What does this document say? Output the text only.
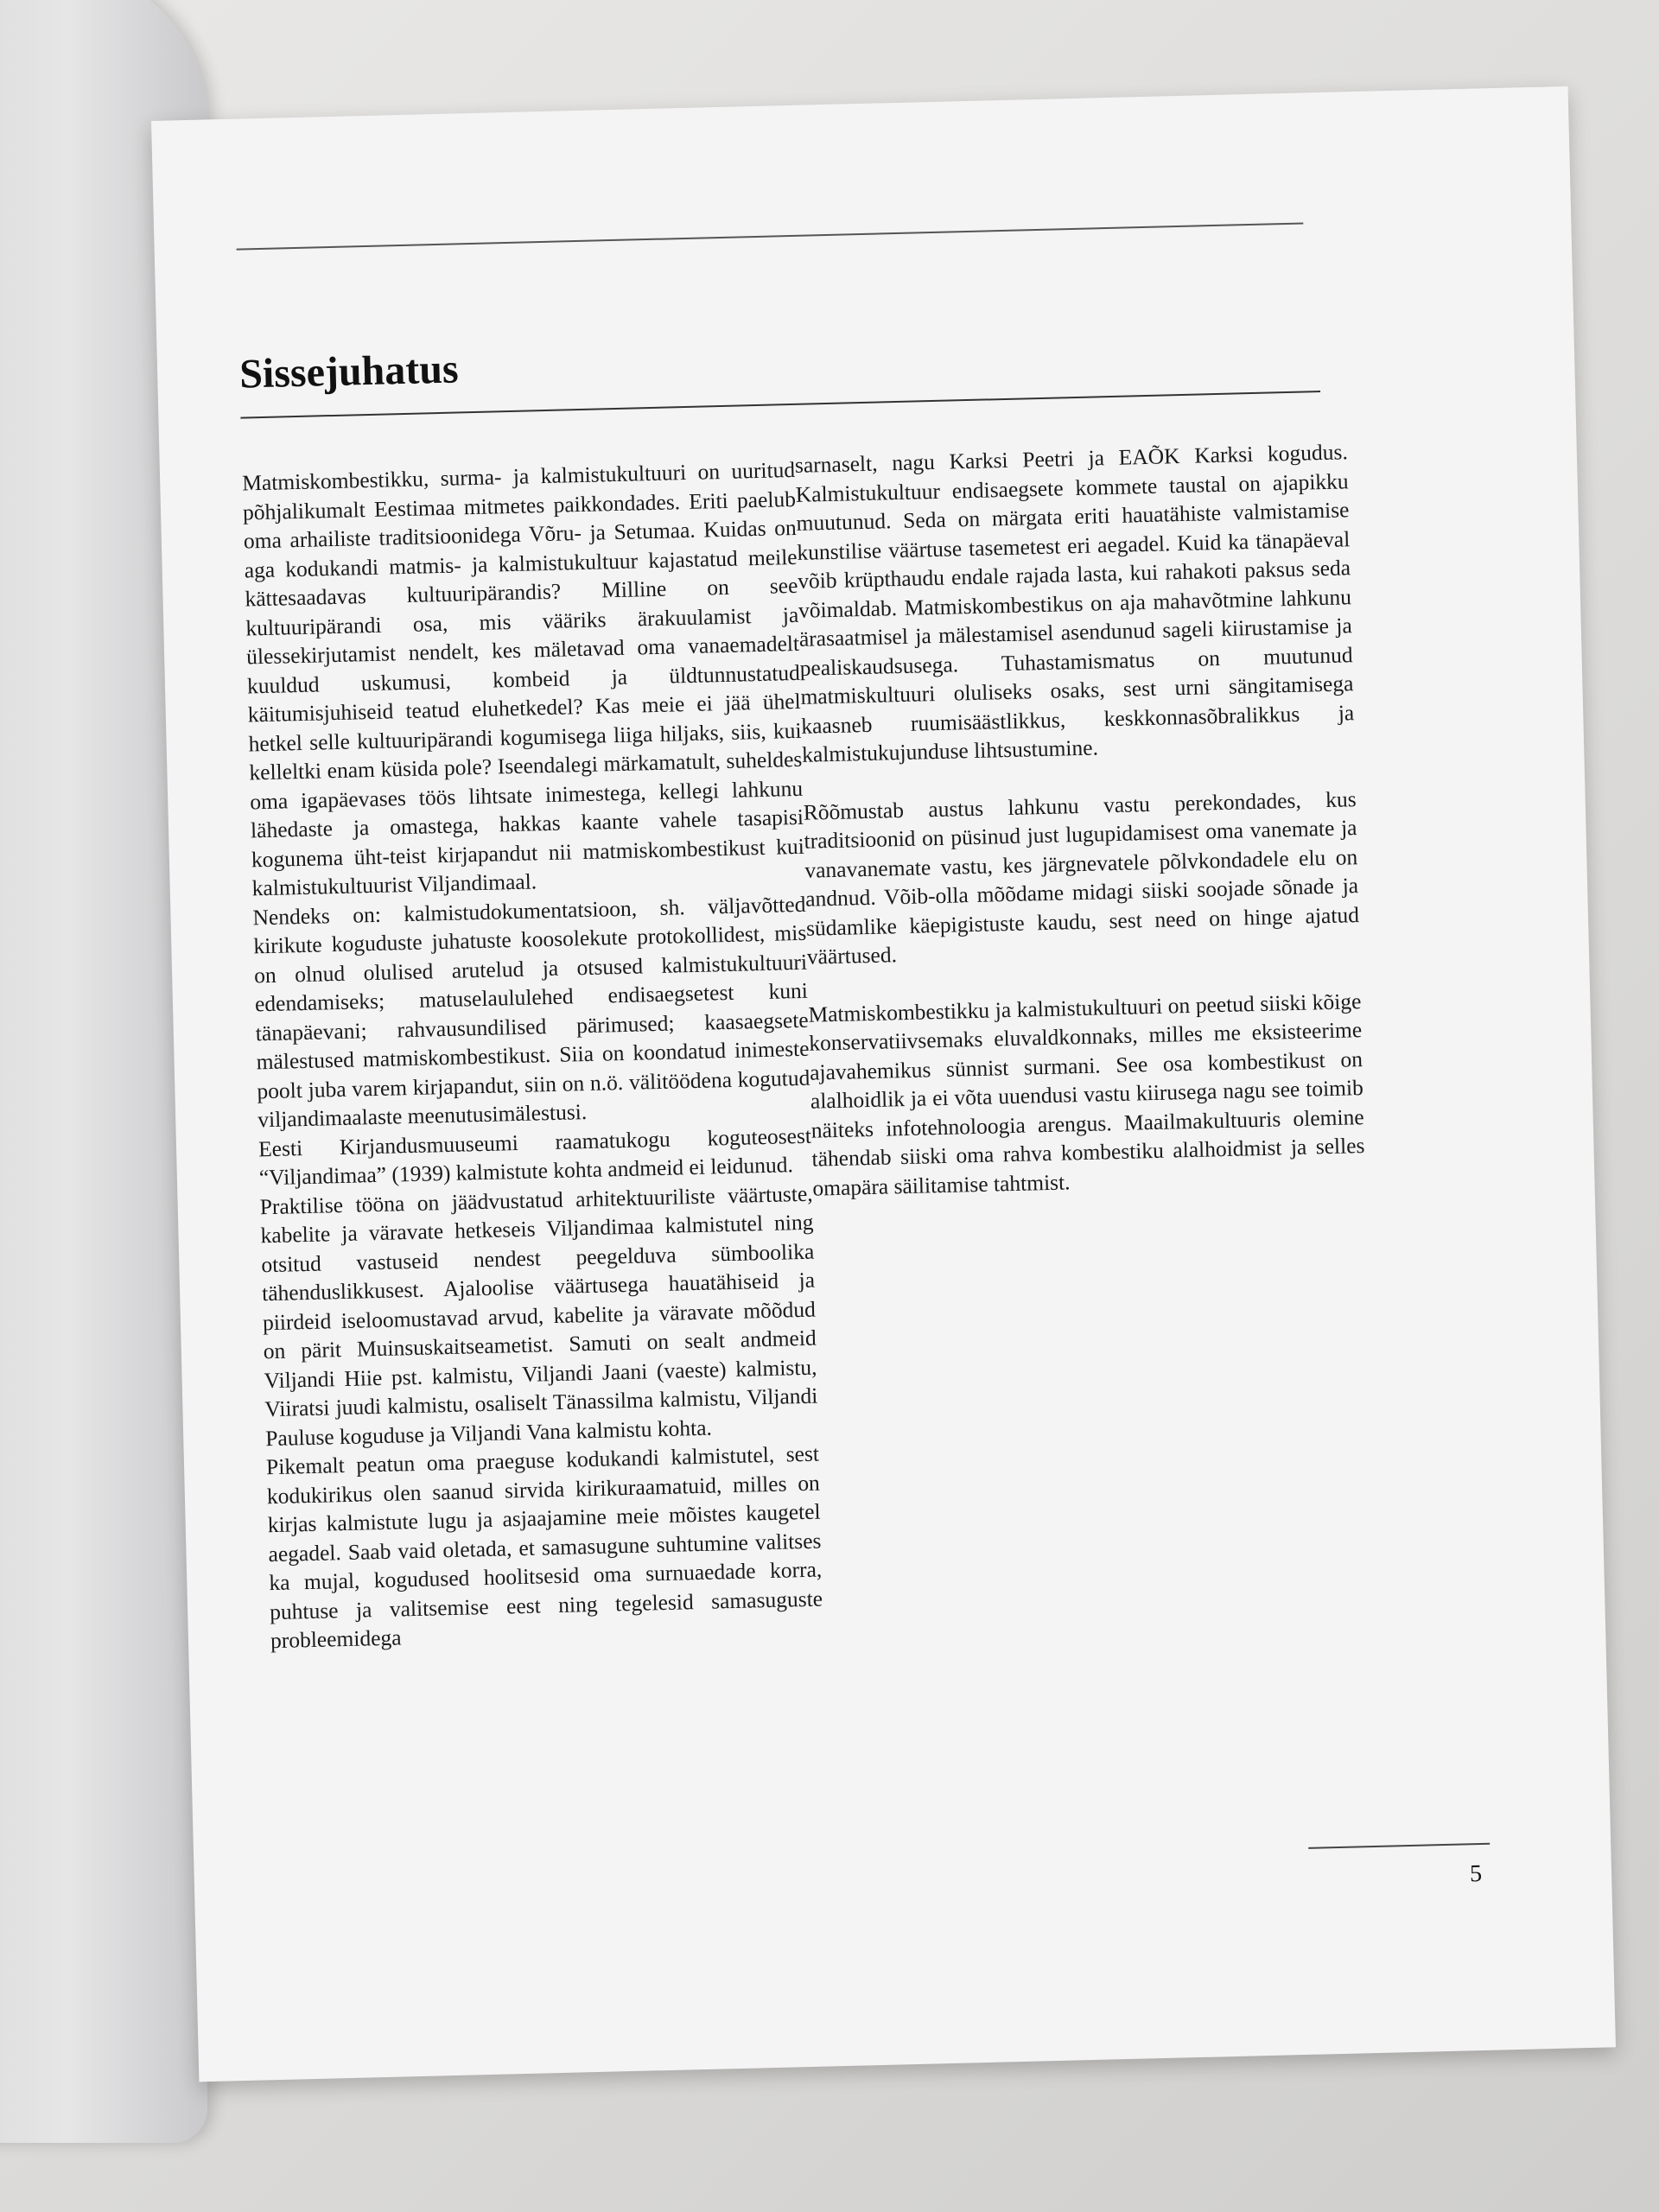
Sissejuhatus

Matmiskombestikku, surma- ja kalmistukultuuri on uuritud põhjalikumalt Eestimaa mitmetes paikkondades. Eriti paelub oma arhailiste traditsioonidega Võru- ja Setumaa. Kuidas on aga kodukandi matmis- ja kalmistukultuur kajastatud meile kättesaadavas kultuuripärandis? Milline on see kultuuripärandi osa, mis vääriks ärakuulamist ja ülessekirjutamist nendelt, kes mäletavad oma vanaemadelt kuuldud uskumusi, kombeid ja üldtunnustatud käitumisjuhiseid teatud eluhetkedel? Kas meie ei jää ühel hetkel selle kultuuripärandi kogumisega liiga hiljaks, siis, kui kelleltki enam küsida pole? Iseendalegi märkamatult, suheldes oma igapäevases töös lihtsate inimestega, kellegi lahkunu lähedaste ja omastega, hakkas kaante vahele tasapisi kogunema üht-teist kirjapandut nii matmiskombestikust kui kalmistukultuurist Viljandimaal.

Nendeks on: kalmistudokumentatsioon, sh. väljavõtted kirikute koguduste juhatuste koosolekute protokollidest, mis on olnud olulised arutelud ja otsused kalmistukultuuri edendamiseks; matuselaululehed endisaegsetest kuni tänapäevani; rahvausundilised pärimused; kaasaegsete mälestused matmiskombestikust. Siia on koondatud inimeste poolt juba varem kirjapandut, siin on n.ö. välitöödena kogutud viljandimaalaste meenutusimälestusi.

Eesti Kirjandusmuuseumi raamatukogu koguteosest “Viljandimaa” (1939) kalmistute kohta andmeid ei leidunud.

Praktilise tööna on jäädvustatud arhitektuuriliste väärtuste, kabelite ja väravate hetkeseis Viljandimaa kalmistutel ning otsitud vastuseid nendest peegelduva sümboolika tähenduslikkusest. Ajaloolise väärtusega hauatähiseid ja piirdeid iseloomustavad arvud, kabelite ja väravate mõõdud on pärit Muinsuskaitseametist. Samuti on sealt andmeid Viljandi Hiie pst. kalmistu, Viljandi Jaani (vaeste) kalmistu, Viiratsi juudi kalmistu, osaliselt Tänassilma kalmistu, Viljandi Pauluse koguduse ja Viljandi Vana kalmistu kohta.

Pikemalt peatun oma praeguse kodukandi kalmistutel, sest kodukirikus olen saanud sirvida kirikuraamatuid, milles on kirjas kalmistute lugu ja asjaajamine meie mõistes kaugetel aegadel. Saab vaid oletada, et samasugune suhtumine valitses ka mujal, kogudused hoolitsesid oma surnuaedade korra, puhtuse ja valitsemise eest ning tegelesid samasuguste probleemidega

sarnaselt, nagu Karksi Peetri ja EAÕK Karksi kogudus. Kalmistukultuur endisaegsete kommete taustal on ajapikku muutunud. Seda on märgata eriti hauatähiste valmistamise kunstilise väärtuse tasemetest eri aegadel. Kuid ka tänapäeval võib krüpthaudu endale rajada lasta, kui rahakoti paksus seda võimaldab. Matmiskombestikus on aja mahavõtmine lahkunu ärasaatmisel ja mälestamisel asendunud sageli kiirustamise ja pealiskaudsusega. Tuhastamismatus on muutunud matmiskultuuri oluliseks osaks, sest urni sängitamisega kaasneb ruumisäästlikkus, keskkonnasõbralikkus ja kalmistukujunduse lihtsustumine.

Rõõmustab austus lahkunu vastu perekondades, kus traditsioonid on püsinud just lugupidamisest oma vanemate ja vanavanemate vastu, kes järgnevatele põlvkondadele elu on andnud. Võib-olla mõõdame midagi siiski soojade sõnade ja südamlike käepigistuste kaudu, sest need on hinge ajatud väärtused.

Matmiskombestikku ja kalmistukultuuri on peetud siiski kõige konservatiivsemaks eluvaldkonnaks, milles me eksisteerime ajavahemikus sünnist surmani. See osa kombestikust on alalhoidlik ja ei võta uuendusi vastu kiirusega nagu see toimib näiteks infotehnoloogia arengus. Maailmakultuuris olemine tähendab siiski oma rahva kombestiku alalhoidmist ja selles omapära säilitamise tahtmist.

5
